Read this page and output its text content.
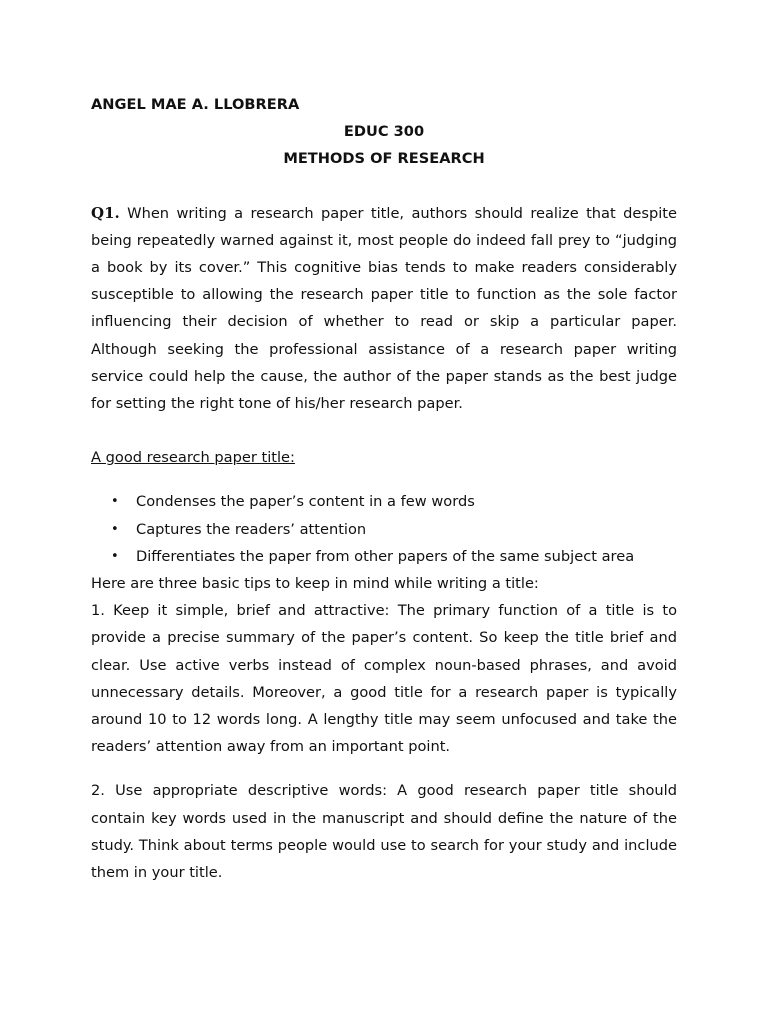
ANGEL MAE A. LLOBRERA

EDUC 300

METHODS OF RESEARCH

Q1. When writing a research paper title, authors should realize that despite being repeatedly warned against it, most people do indeed fall prey to “judging a book by its cover.” This cognitive bias tends to make readers considerably susceptible to allowing the research paper title to function as the sole factor influencing their decision of whether to read or skip a particular paper. Although seeking the professional assistance of a research paper writing service could help the cause, the author of the paper stands as the best judge for setting the right tone of his/her research paper.

A good research paper title:

• Condenses the paper’s content in a few words
• Captures the readers’ attention
• Differentiates the paper from other papers of the same subject area

Here are three basic tips to keep in mind while writing a title:

1. Keep it simple, brief and attractive: The primary function of a title is to provide a precise summary of the paper’s content. So keep the title brief and clear. Use active verbs instead of complex noun-based phrases, and avoid unnecessary details. Moreover, a good title for a research paper is typically around 10 to 12 words long. A lengthy title may seem unfocused and take the readers’ attention away from an important point.

2. Use appropriate descriptive words: A good research paper title should contain key words used in the manuscript and should define the nature of the study. Think about terms people would use to search for your study and include them in your title.
